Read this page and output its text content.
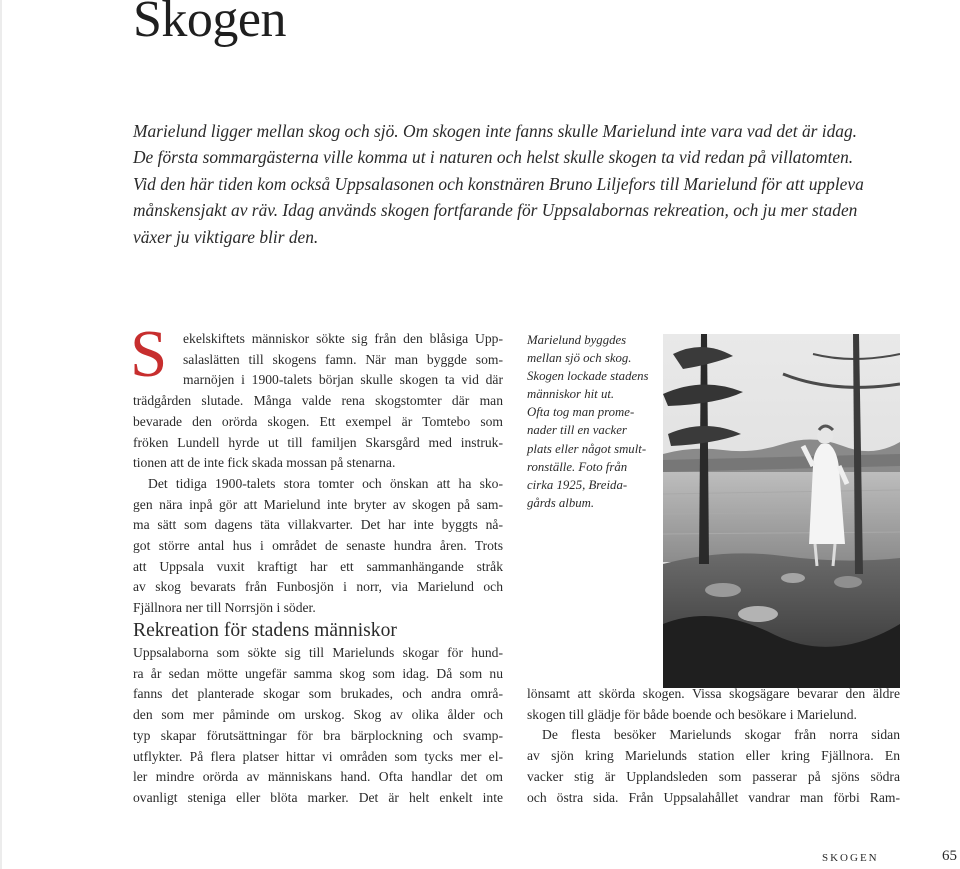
Skogen
Marielund ligger mellan skog och sjö. Om skogen inte fanns skulle Marielund inte vara vad det är idag.
De första sommargästerna ville komma ut i naturen och helst skulle skogen ta vid redan på villatomten.
Vid den här tiden kom också Uppsalasonen och konstnären Bruno Liljefors till Marielund för att uppleva
månskensjakt av räv. Idag används skogen fortfarande för Uppsalabornas rekreation, och ju mer staden
växer ju viktigare blir den.
S	ekelskiftets människor sökte sig från den blåsiga Upp-
salaslätten till skogens famn. När man byggde som-
marnöjen i 1900-talets början skulle skogen ta vid där
trädgården slutade. Många valde rena skogstomter där man
bevarade den orörda skogen. Ett exempel är Tomtebo som
fröken Lundell hyrde ut till familjen Skarsgård med instruk-
tionen att de inte fick skada mossan på stenarna.
Det tidiga 1900-talets stora tomter och önskan att ha sko-
gen nära inpå gör att Marielund inte bryter av skogen på sam-
ma sätt som dagens täta villakvarter. Det har inte byggts nå-
got större antal hus i området de senaste hundra åren. Trots
att Uppsala vuxit kraftigt har ett sammanhängande stråk
av skog bevarats från Funbosjön i norr, via Marielund och
Fjällnora ner till Norrsjön i söder.
Rekreation för stadens människor
Uppsalaborna som sökte sig till Marielunds skogar för hund-
ra år sedan mötte ungefär samma skog som idag. Då som nu
fanns det planterade skogar som brukades, och andra områ-
den som mer påminde om urskog. Skog av olika ålder och
typ skapar förutsättningar för bra bärplockning och svamp-
utflykter. På flera platser hittar vi områden som tycks mer el-
ler mindre orörda av människans hand. Ofta handlar det om
ovanligt steniga eller blöta marker. Det är helt enkelt inte
Marielund byggdes
mellan sjö och skog.
Skogen lockade stadens
människor hit ut.
Ofta tog man prome-
nader till en vacker
plats eller något smult-
ronställe. Foto från
cirka 1925, Breida-
gårds album.
lönsamt att skörda skogen. Vissa skogsägare bevarar den äldre
skogen till glädje för både boende och besökare i Marielund.
De flesta besöker Marielunds skogar från norra sidan
av sjön kring Marielunds station eller kring Fjällnora. En
vacker stig är Upplandsleden som passerar på sjöns södra
och östra sida. Från Uppsalahållet vandrar man förbi Ram-
SKOGEN	65
